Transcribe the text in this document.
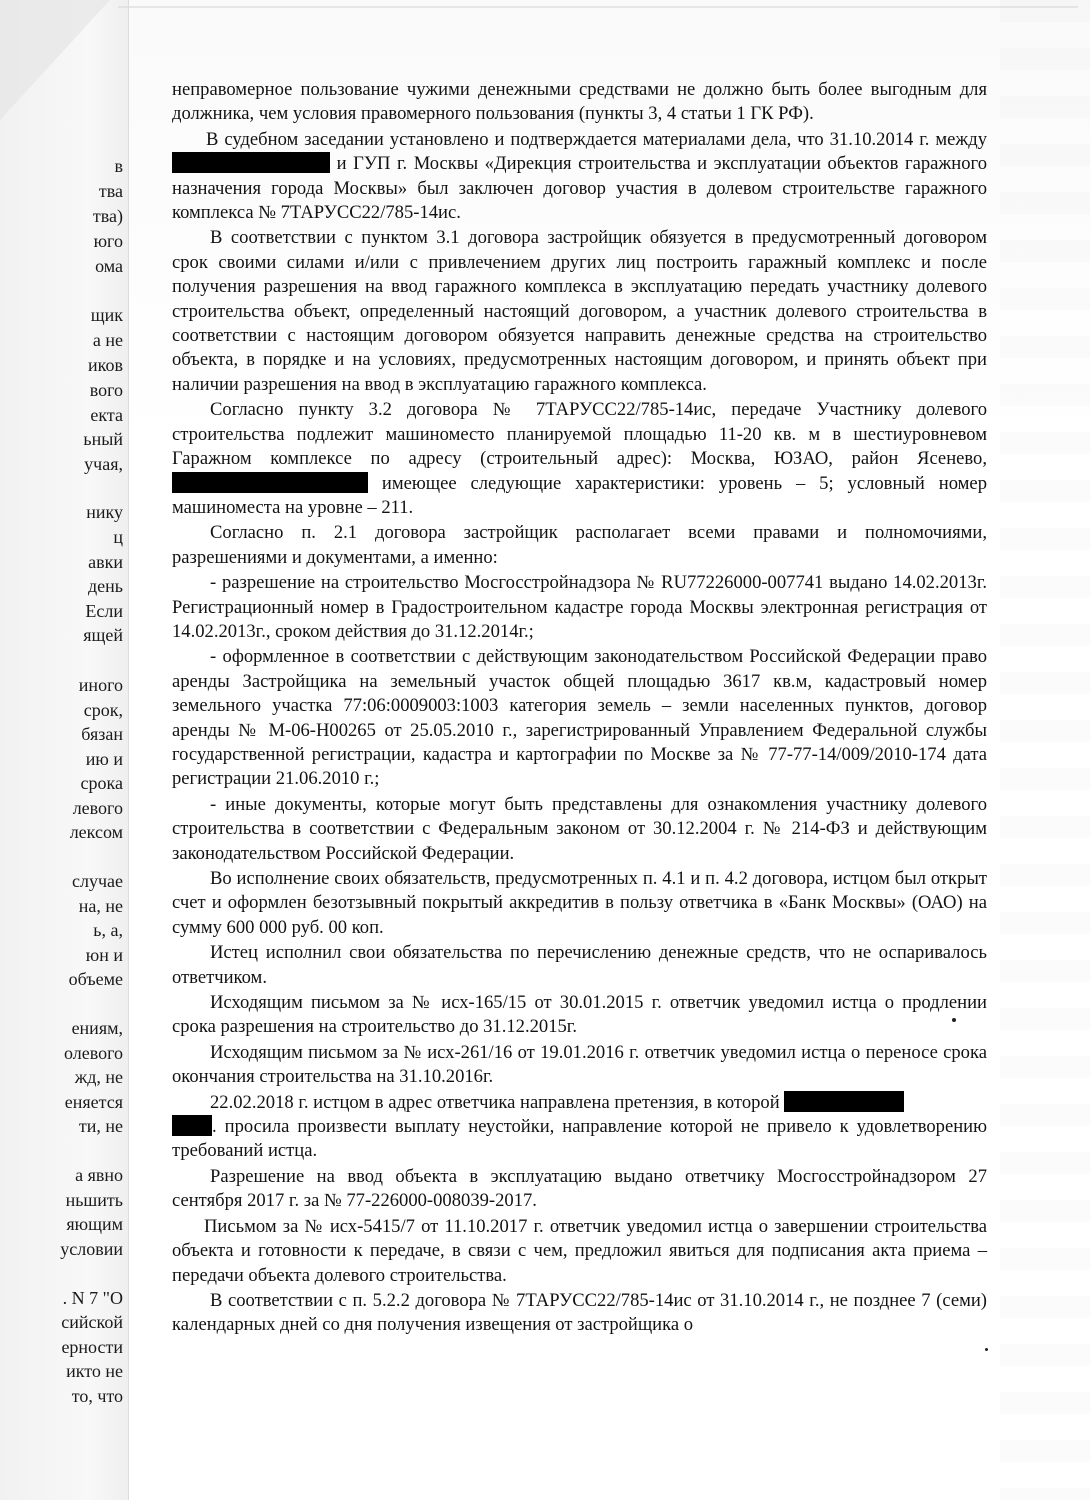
в
тва
тва)
юго
ома
щик
а не
иков
вого
екта
ьный
учая,
нику
ц
авки
день
Если
ящей
иного
срок,
бязан
ию и
срока
левого
лексом
случае
на, не
ь, а,
юн и
объеме
ениям,
олевого
жд, не
еняется
ти, не
а явно
ньшить
яющим
условии
. N 7 "О
сийской
ерности
икто не
то, что

неправомерное пользование чужими денежными средствами не должно быть более выгодным для должника, чем условия правомерного пользования (пункты 3, 4 статьи 1 ГК РФ).

В судебном заседании установлено и подтверждается материалами дела, что 31.10.2014 г. между  и ГУП г. Москвы «Дирекция строительства и эксплуатации объектов гаражного назначения города Москвы» был заключен договор участия в долевом строительстве гаражного комплекса № 7ТАРУСС22/785-14ис.

В соответствии с пунктом 3.1 договора застройщик обязуется в предусмотренный договором срок своими силами и/или с привлечением других лиц построить гаражный комплекс и после получения разрешения на ввод гаражного комплекса в эксплуатацию передать участнику долевого строительства объект, определенный настоящий договором, а участник долевого строительства в соответствии с настоящим договором обязуется направить денежные средства на строительство объекта, в порядке и на условиях, предусмотренных настоящим договором, и принять объект при наличии разрешения на ввод в эксплуатацию гаражного комплекса.

Согласно пункту 3.2 договора № 7ТАРУСС22/785-14ис, передаче Участнику долевого строительства подлежит машиноместо планируемой площадью 11-20 кв. м в шестиуровневом Гаражном комплексе по адресу (строительный адрес): Москва, ЮЗАО, район Ясенево,  имеющее следующие характеристики: уровень – 5; условный номер машиноместа на уровне – 211.

Согласно п. 2.1 договора застройщик располагает всеми правами и полномочиями, разрешениями и документами, а именно:

- разрешение на строительство Мосгосстройнадзора № RU77226000-007741 выдано 14.02.2013г. Регистрационный номер в Градостроительном кадастре города Москвы электронная регистрация от 14.02.2013г., сроком действия до 31.12.2014г.;

- оформленное в соответствии с действующим законодательством Российской Федерации право аренды Застройщика на земельный участок общей площадью 3617 кв.м, кадастровый номер земельного участка 77:06:0009003:1003 категория земель – земли населенных пунктов, договор аренды № М-06-Н00265 от 25.05.2010 г., зарегистрированный Управлением Федеральной службы государственной регистрации, кадастра и картографии по Москве за № 77-77-14/009/2010-174 дата регистрации 21.06.2010 г.;

- иные документы, которые могут быть представлены для ознакомления участнику долевого строительства в соответствии с Федеральным законом от 30.12.2004 г. № 214-ФЗ и действующим законодательством Российской Федерации.

Во исполнение своих обязательств, предусмотренных п. 4.1 и п. 4.2 договора, истцом был открыт счет и оформлен безотзывный покрытый аккредитив в пользу ответчика в «Банк Москвы» (ОАО) на сумму 600 000 руб. 00 коп.

Истец исполнил свои обязательства по перечислению денежные средств, что не оспаривалось ответчиком.

Исходящим письмом за № исх-165/15 от 30.01.2015 г. ответчик уведомил истца о продлении срока разрешения на строительство до 31.12.2015г.

Исходящим письмом за № исх-261/16 от 19.01.2016 г. ответчик уведомил истца о переносе срока окончания строительства на 31.10.2016г.

22.02.2018 г. истцом в адрес ответчика направлена претензия, в которой
. просила произвести выплату неустойки, направление которой не привело к удовлетворению требований истца.

Разрешение на ввод объекта в эксплуатацию выдано ответчику Мосгосстройнадзором 27 сентября 2017 г. за № 77-226000-008039-2017.

Письмом за № исх-5415/7 от 11.10.2017 г. ответчик уведомил истца о завершении строительства объекта и готовности к передаче, в связи с чем, предложил явиться для подписания акта приема – передачи объекта долевого строительства.

В соответствии с п. 5.2.2 договора № 7ТАРУСС22/785-14ис от 31.10.2014 г., не позднее 7 (семи) календарных дней со дня получения извещения от застройщика о
